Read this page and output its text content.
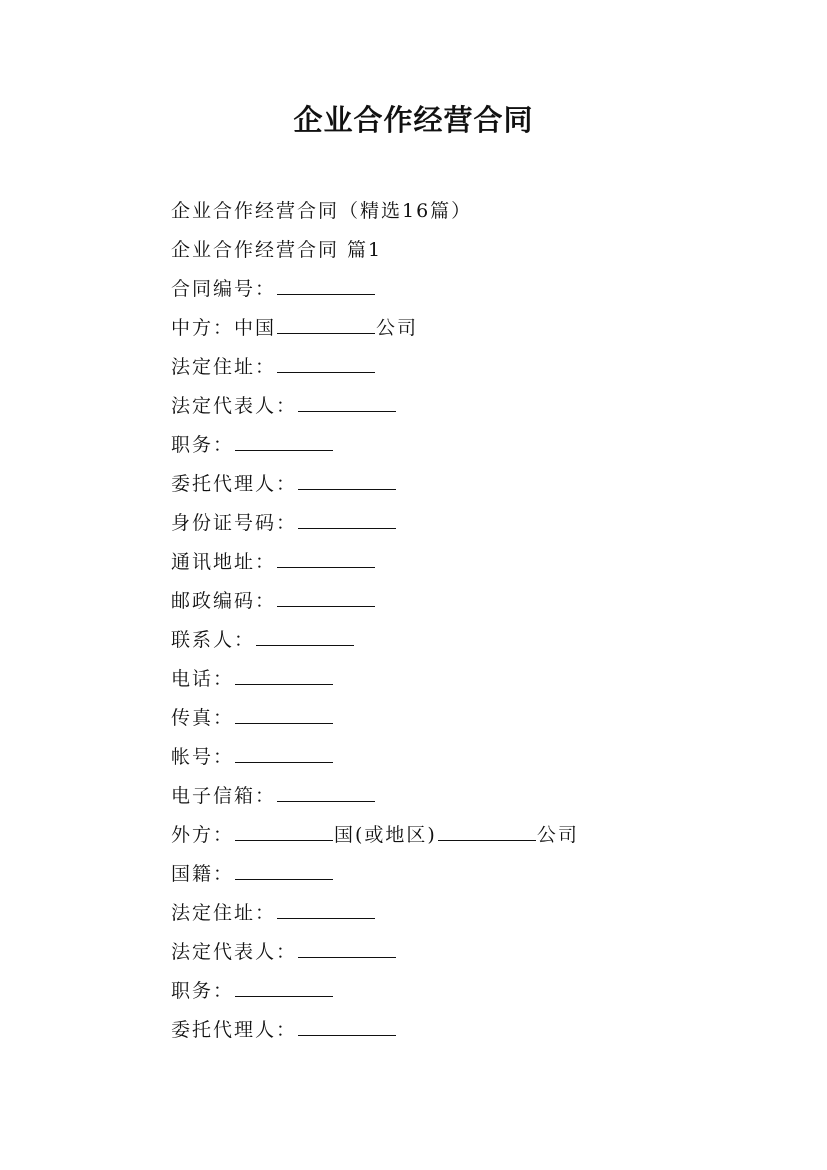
企业合作经营合同
企业合作经营合同（精选16篇）
企业合作经营合同 篇1
合同编号：
中方：中国	公司
法定住址：
法定代表人：
职务：
委托代理人：
身份证号码：
通讯地址：
邮政编码：
联系人：
电话：
传真：
帐号：
电子信箱：
外方：	国(或地区)	公司
国籍：
法定住址：
法定代表人：
职务：
委托代理人：
